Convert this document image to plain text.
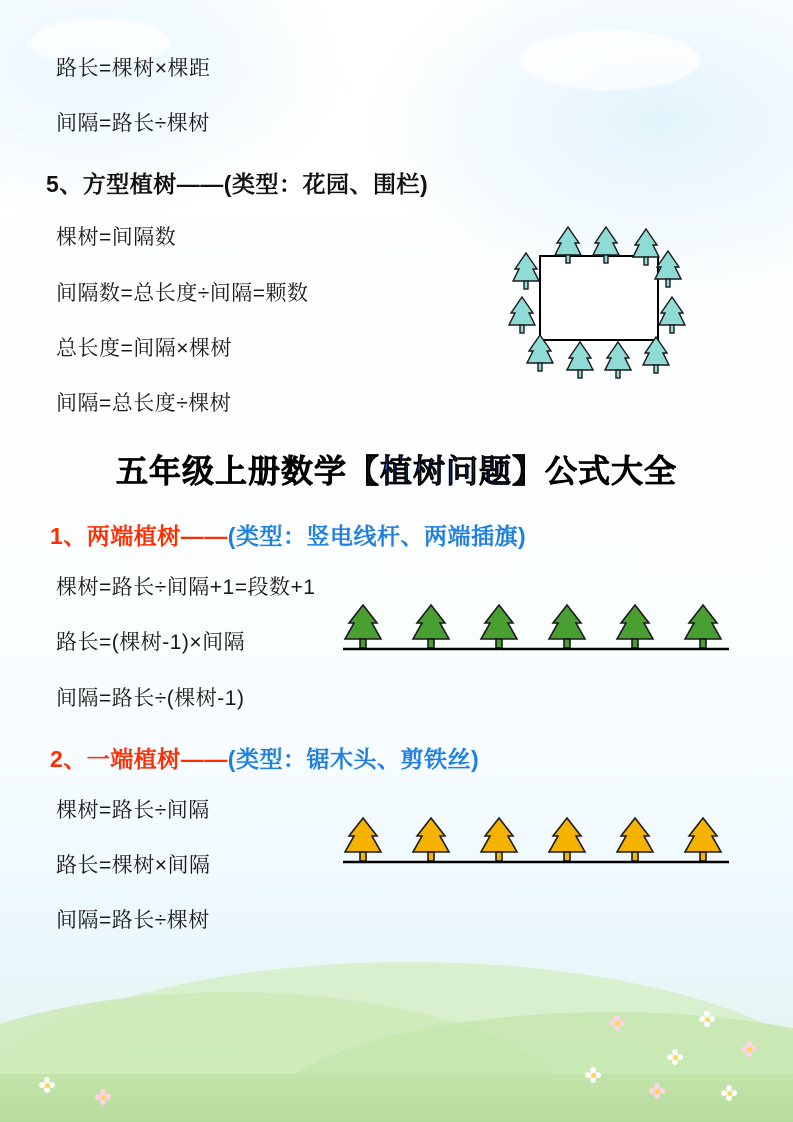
路长=棵树×棵距
间隔=路长÷棵树
5、方型植树——(类型：花园、围栏)
棵树=间隔数
间隔数=总长度÷间隔=颗数
总长度=间隔×棵树
间隔=总长度÷棵树
五年级上册数学【植树问题】公式大全
1、两端植树——(类型：竖电线杆、两端插旗)
棵树=路长÷间隔+1=段数+1
路长=(棵树-1)×间隔
间隔=路长÷(棵树-1)
2、一端植树——(类型：锯木头、剪铁丝)
棵树=路长÷间隔
路长=棵树×间隔
间隔=路长÷棵树
